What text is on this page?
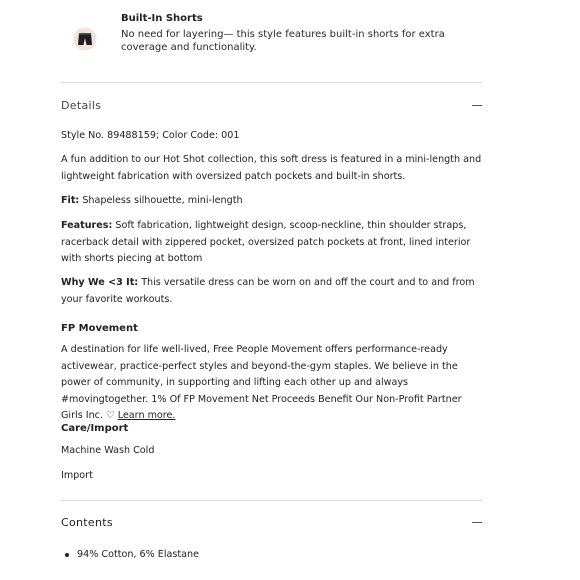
Built-In Shorts
No need for layering— this style features built-in shorts for extra coverage and functionality.
Details
Style No. 89488159; Color Code: 001
A fun addition to our Hot Shot collection, this soft dress is featured in a mini-length and lightweight fabrication with oversized patch pockets and built-in shorts.
Fit: Shapeless silhouette, mini-length
Features: Soft fabrication, lightweight design, scoop-neckline, thin shoulder straps, racerback detail with zippered pocket, oversized patch pockets at front, lined interior with shorts piecing at bottom
Why We <3 It: This versatile dress can be worn on and off the court and to and from your favorite workouts.
FP Movement
A destination for life well-lived, Free People Movement offers performance-ready activewear, practice-perfect styles and beyond-the-gym staples. We believe in the power of community, in supporting and lifting each other up and always #movingtogether. 1% Of FP Movement Net Proceeds Benefit Our Non-Profit Partner Girls Inc. ♡ Learn more.
Care/Import
Machine Wash Cold
Import
Contents
94% Cotton, 6% Elastane
